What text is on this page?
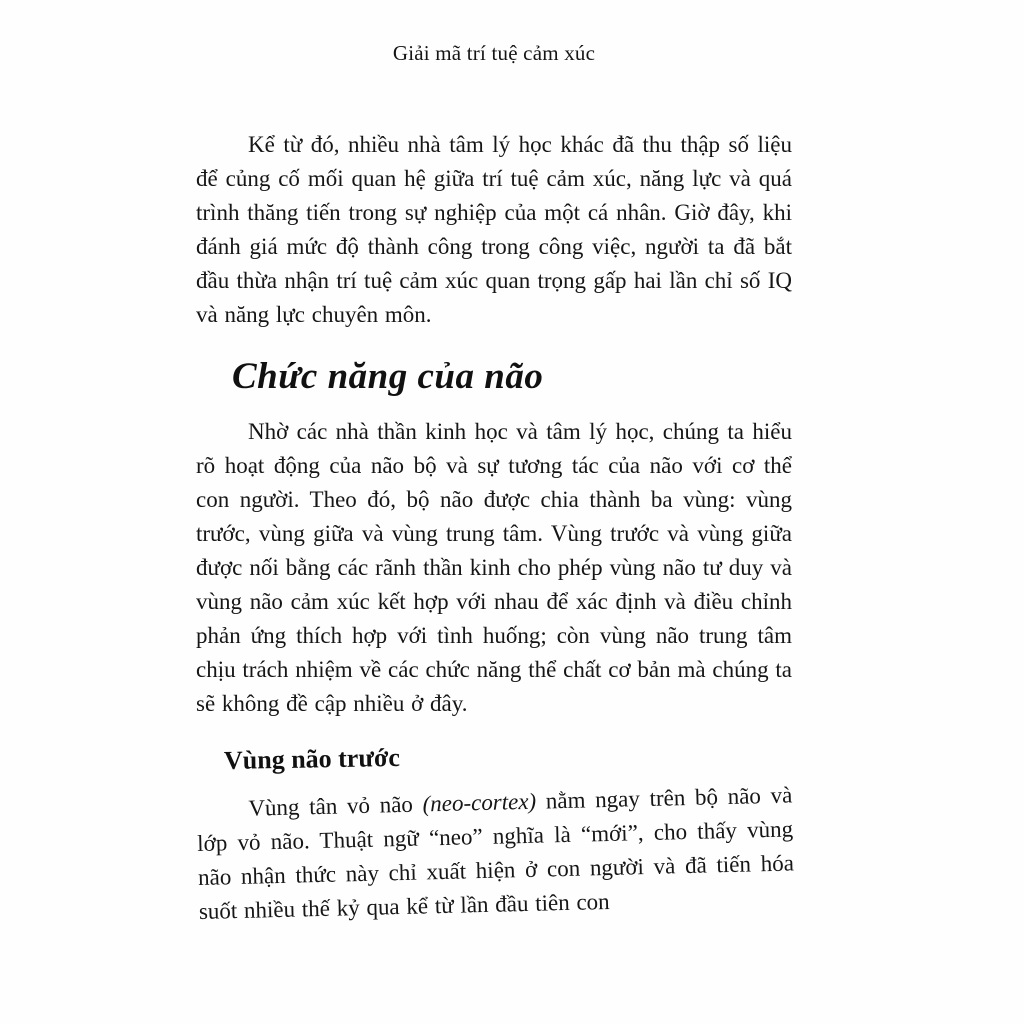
Giải mã trí tuệ cảm xúc

Kể từ đó, nhiều nhà tâm lý học khác đã thu thập số liệu để củng cố mối quan hệ giữa trí tuệ cảm xúc, năng lực và quá trình thăng tiến trong sự nghiệp của một cá nhân. Giờ đây, khi đánh giá mức độ thành công trong công việc, người ta đã bắt đầu thừa nhận trí tuệ cảm xúc quan trọng gấp hai lần chỉ số IQ và năng lực chuyên môn.

Chức năng của não

Nhờ các nhà thần kinh học và tâm lý học, chúng ta hiểu rõ hoạt động của não bộ và sự tương tác của não với cơ thể con người. Theo đó, bộ não được chia thành ba vùng: vùng trước, vùng giữa và vùng trung tâm. Vùng trước và vùng giữa được nối bằng các rãnh thần kinh cho phép vùng não tư duy và vùng não cảm xúc kết hợp với nhau để xác định và điều chỉnh phản ứng thích hợp với tình huống; còn vùng não trung tâm chịu trách nhiệm về các chức năng thể chất cơ bản mà chúng ta sẽ không đề cập nhiều ở đây.

Vùng não trước

Vùng tân vỏ não (neo-cortex) nằm ngay trên bộ não và lớp vỏ não. Thuật ngữ “neo” nghĩa là “mới”, cho thấy vùng não nhận thức này chỉ xuất hiện ở con người và đã tiến hóa suốt nhiều thế kỷ qua kể từ lần đầu tiên con
